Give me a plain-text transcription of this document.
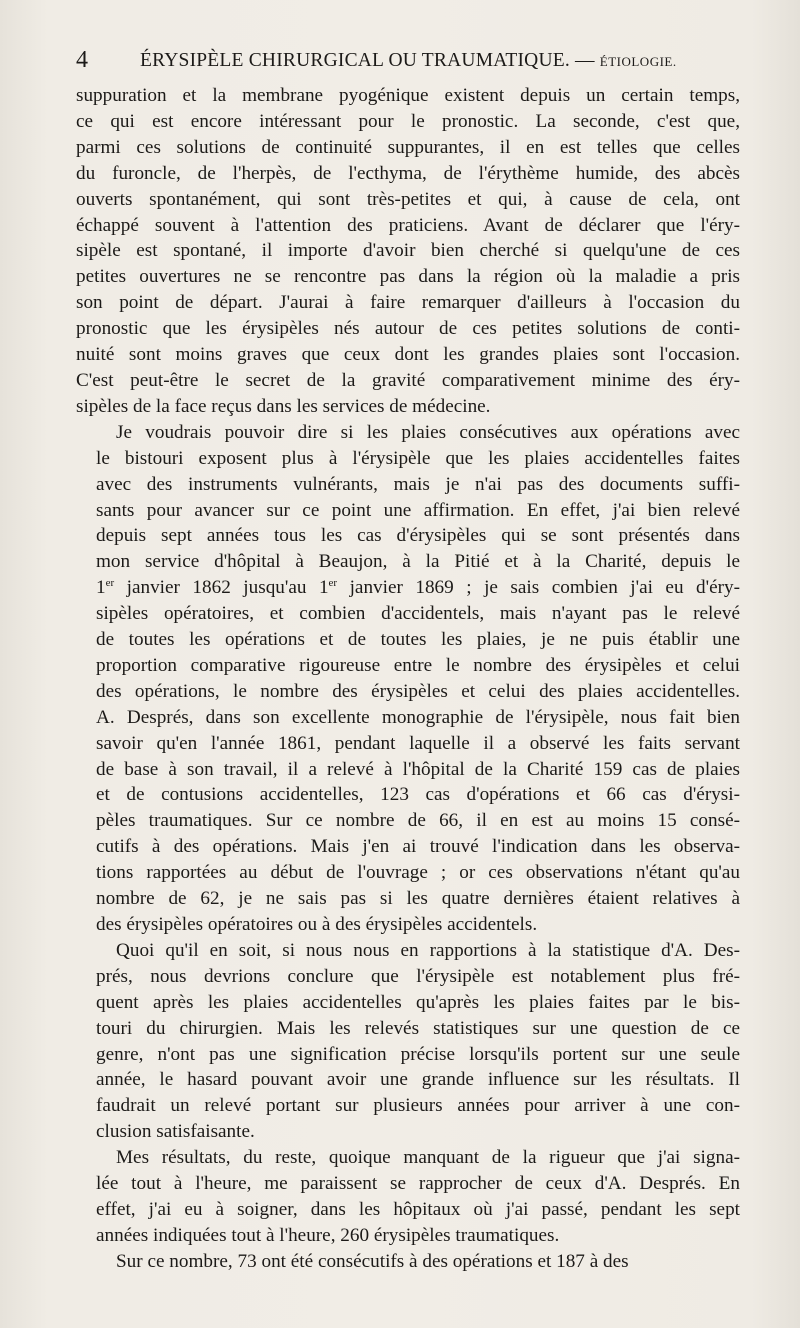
4	ÉRYSIPÈLE CHIRURGICAL OU TRAUMATIQUE. — ÉTIOLOGIE.

suppuration et la membrane pyogénique existent depuis un certain temps,
ce qui est encore intéressant pour le pronostic. La seconde, c'est que,
parmi ces solutions de continuité suppurantes, il en est telles que celles
du furoncle, de l'herpès, de l'ecthyma, de l'érythème humide, des abcès
ouverts spontanément, qui sont très-petites et qui, à cause de cela, ont
échappé souvent à l'attention des praticiens. Avant de déclarer que l'éry-
sipèle est spontané, il importe d'avoir bien cherché si quelqu'une de ces
petites ouvertures ne se rencontre pas dans la région où la maladie a pris
son point de départ. J'aurai à faire remarquer d'ailleurs à l'occasion du
pronostic que les érysipèles nés autour de ces petites solutions de conti-
nuité sont moins graves que ceux dont les grandes plaies sont l'occasion.
C'est peut-être le secret de la gravité comparativement minime des éry-
sipèles de la face reçus dans les services de médecine.

Je voudrais pouvoir dire si les plaies consécutives aux opérations avec
le bistouri exposent plus à l'érysipèle que les plaies accidentelles faites
avec des instruments vulnérants, mais je n'ai pas des documents suffi-
sants pour avancer sur ce point une affirmation. En effet, j'ai bien relevé
depuis sept années tous les cas d'érysipèles qui se sont présentés dans
mon service d'hôpital à Beaujon, à la Pitié et à la Charité, depuis le
1er janvier 1862 jusqu'au 1er janvier 1869 ; je sais combien j'ai eu d'éry-
sipèles opératoires, et combien d'accidentels, mais n'ayant pas le relevé
de toutes les opérations et de toutes les plaies, je ne puis établir une
proportion comparative rigoureuse entre le nombre des érysipèles et celui
des opérations, le nombre des érysipèles et celui des plaies accidentelles.
A. Després, dans son excellente monographie de l'érysipèle, nous fait bien
savoir qu'en l'année 1861, pendant laquelle il a observé les faits servant
de base à son travail, il a relevé à l'hôpital de la Charité 159 cas de plaies
et de contusions accidentelles, 123 cas d'opérations et 66 cas d'érysi-
pèles traumatiques. Sur ce nombre de 66, il en est au moins 15 consé-
cutifs à des opérations. Mais j'en ai trouvé l'indication dans les observa-
tions rapportées au début de l'ouvrage ; or ces observations n'étant qu'au
nombre de 62, je ne sais pas si les quatre dernières étaient relatives à
des érysipèles opératoires ou à des érysipèles accidentels.

Quoi qu'il en soit, si nous nous en rapportions à la statistique d'A. Des-
prés, nous devrions conclure que l'érysipèle est notablement plus fré-
quent après les plaies accidentelles qu'après les plaies faites par le bis-
touri du chirurgien. Mais les relevés statistiques sur une question de ce
genre, n'ont pas une signification précise lorsqu'ils portent sur une seule
année, le hasard pouvant avoir une grande influence sur les résultats. Il
faudrait un relevé portant sur plusieurs années pour arriver à une con-
clusion satisfaisante.

Mes résultats, du reste, quoique manquant de la rigueur que j'ai signa-
lée tout à l'heure, me paraissent se rapprocher de ceux d'A. Després. En
effet, j'ai eu à soigner, dans les hôpitaux où j'ai passé, pendant les sept
années indiquées tout à l'heure, 260 érysipèles traumatiques.

Sur ce nombre, 73 ont été consécutifs à des opérations et 187 à des
